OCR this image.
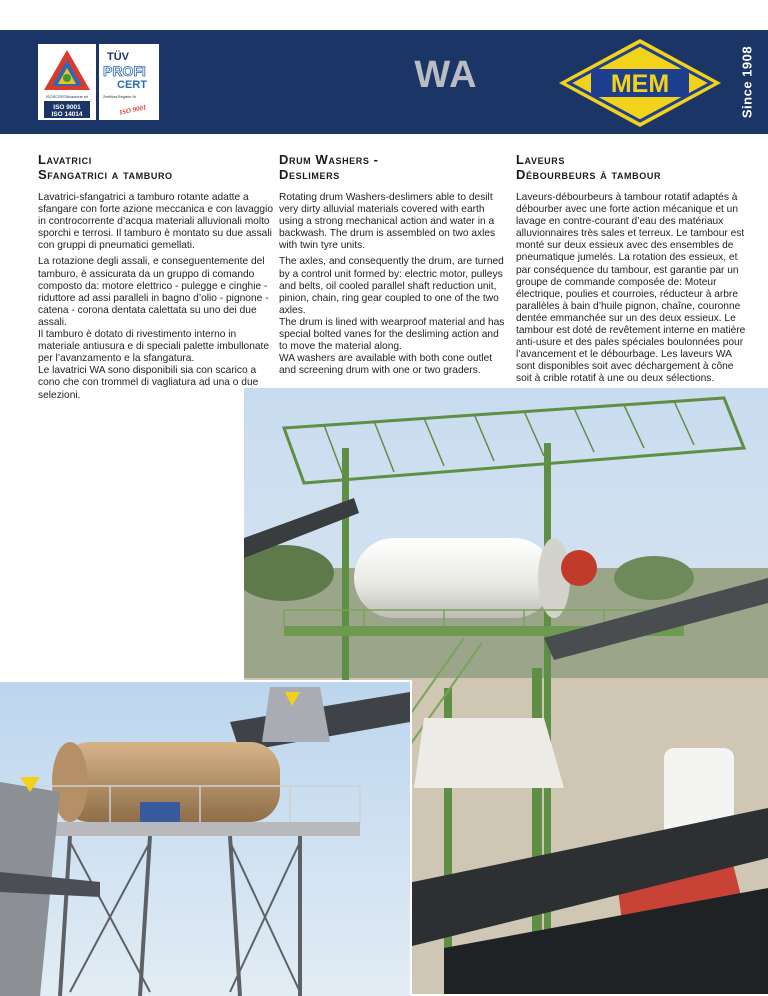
ISOSCERTificazione srl
ISO 9001
ISO 14014
TÜV
PROFI
CERT
Zertifikat-Register-Nr
ISO 9001
WA	MEM	Since 1908
Lavatrici
Sfangatrici a tamburo

Lavatrici-sfangatrici a tamburo rotante adatte a sfangare con forte azione meccanica e con lavaggio in controcorrente d’acqua materiali alluvionali molto sporchi e terrosi. Il tamburo è montato su due assali con gruppi di pneumatici gemellati.

La rotazione degli assali, e conseguentemente del tamburo, è assicurata da un gruppo di comando composto da: motore elettrico - pulegge e cinghie - riduttore ad assi paralleli in bagno d’olio - pignone - catena - corona dentata calettata su uno dei due assali.

Il tamburo è dotato di rivestimento interno in materiale antiusura e di speciali palette imbullonate per l’avanzamento e la sfangatura.

Le lavatrici WA sono disponibili sia con scarico a cono che con trommel di vagliatura ad una o due selezioni.

Drum Washers -
Deslimers

Rotating drum Washers-deslimers able to desilt very dirty alluvial materials covered with earth using a strong mechanical action and water in a backwash. The drum is assembled on two axles with twin tyre units.

The axles, and consequently the drum, are turned by a control unit formed by: electric motor, pulleys and belts, oil cooled parallel shaft reduction unit, pinion, chain, ring gear coupled to one of the two axles.

The drum is lined with wearproof material and has special bolted vanes for the desliming action and to move the material along.

WA washers are available with both cone outlet and screening drum with one or two graders.

Laveurs
Débourbeurs à tambour

Laveurs-débourbeurs à tambour rotatif adaptés à débourber avec une forte action mécanique et un lavage en contre-courant d’eau des matériaux alluvionnaires très sales et terreux. Le tambour est monté sur deux essieux avec des ensembles de pneumatique jumelés. La rotation des essieux, et par conséquence du tambour, est garantie par un groupe de commande composée de: Moteur électrique, poulies et courroies, réducteur à arbre parallèles à bain d’huile pignon, chaîne, couronne dentée emmanchée sur un des deux essieux. Le tambour est doté de revêtement interne en matière anti-usure et des pales spéciales boulonnées pour l’avancement et le débourbage. Les laveurs WA sont disponibles soit avec déchargement à cône soit à crible rotatif à une ou deux sélections.
